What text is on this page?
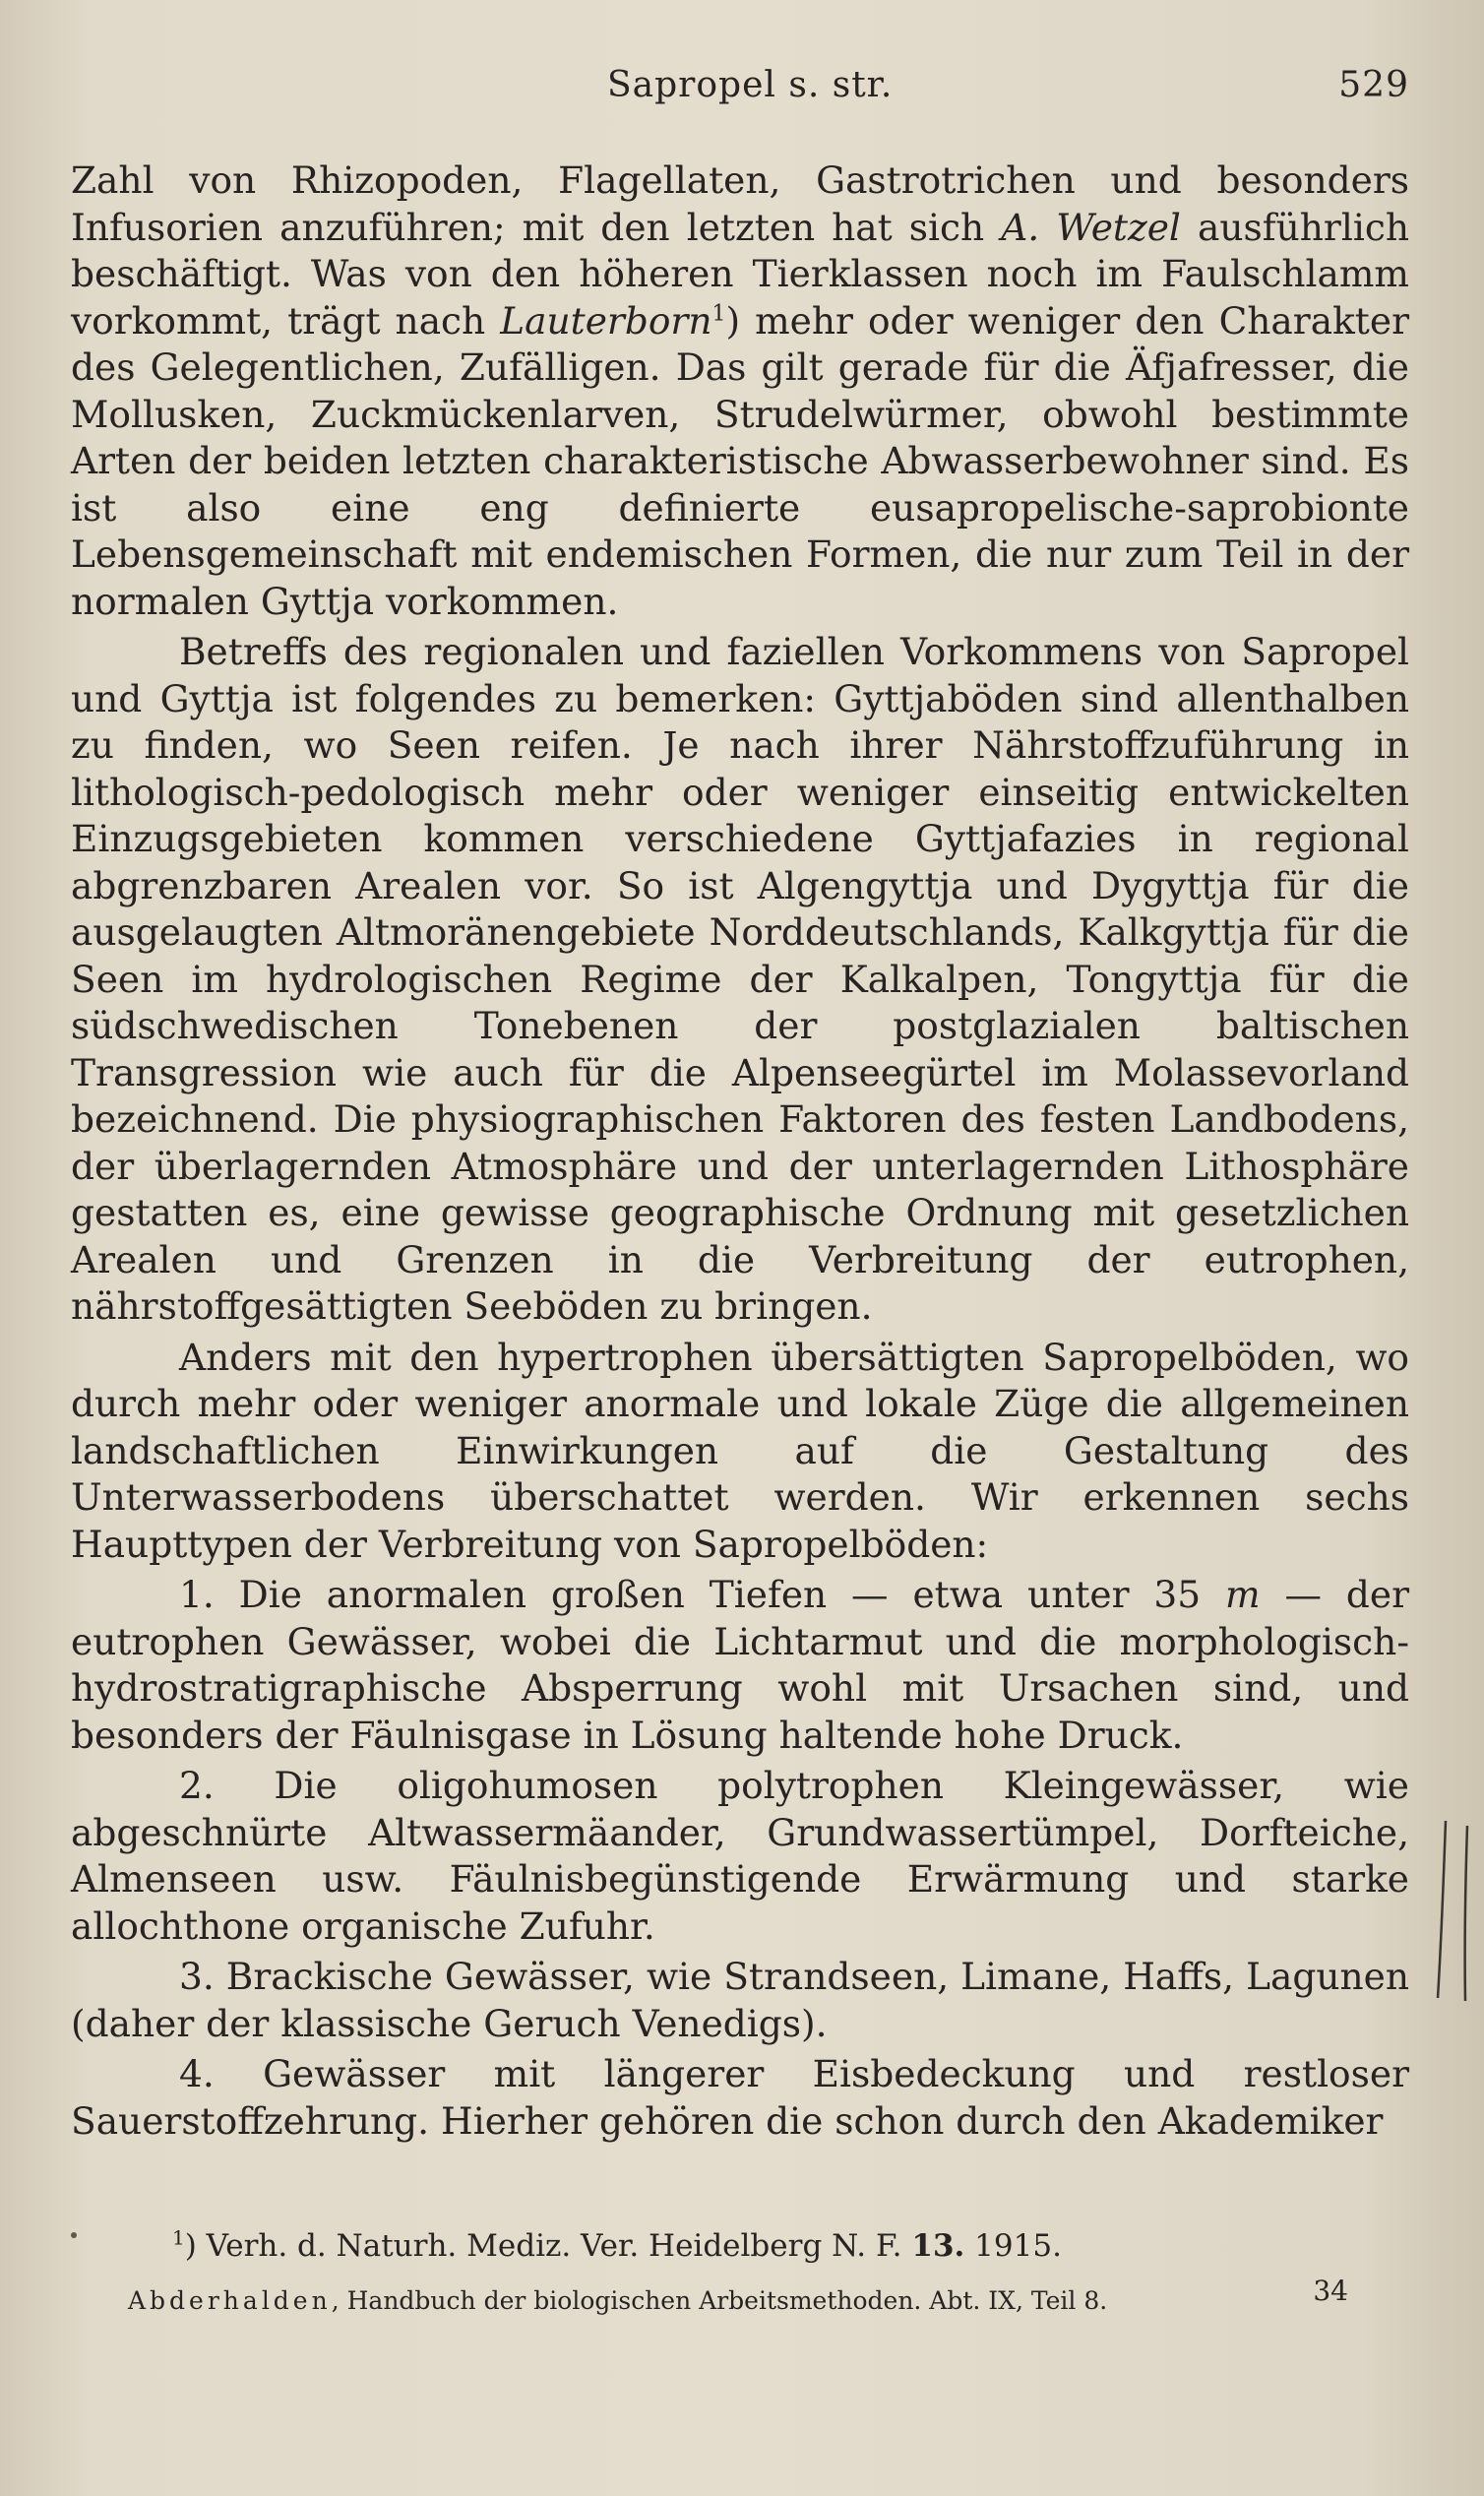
Sapropel s. str.	529

Zahl von Rhizopoden, Flagellaten, Gastrotrichen und besonders Infusorien anzuführen; mit den letzten hat sich A. Wetzel ausführlich beschäftigt. Was von den höheren Tierklassen noch im Faulschlamm vorkommt, trägt nach Lauterborn$^1$) mehr oder weniger den Charakter des Gelegentlichen, Zufälligen. Das gilt gerade für die Äfjafresser, die Mollusken, Zuckmückenlarven, Strudelwürmer, obwohl bestimmte Arten der beiden letzten charakteristische Abwasserbewohner sind. Es ist also eine eng definierte eusapropelische-saprobionte Lebensgemeinschaft mit endemischen Formen, die nur zum Teil in der normalen Gyttja vorkommen.

Betreffs des regionalen und faziellen Vorkommens von Sapropel und Gyttja ist folgendes zu bemerken: Gyttjaböden sind allenthalben zu finden, wo Seen reifen. Je nach ihrer Nährstoffzuführung in lithologisch-pedologisch mehr oder weniger einseitig entwickelten Einzugsgebieten kommen verschiedene Gyttjafazies in regional abgrenzbaren Arealen vor. So ist Algengyttja und Dygyttja für die ausgelaugten Altmoränengebiete Norddeutschlands, Kalkgyttja für die Seen im hydrologischen Regime der Kalkalpen, Tongyttja für die südschwedischen Tonebenen der postglazialen baltischen Transgression wie auch für die Alpenseegürtel im Molassevorland bezeichnend. Die physiographischen Faktoren des festen Landbodens, der überlagernden Atmosphäre und der unterlagernden Lithosphäre gestatten es, eine gewisse geographische Ordnung mit gesetzlichen Arealen und Grenzen in die Verbreitung der eutrophen, nährstoffgesättigten Seeböden zu bringen.

Anders mit den hypertrophen übersättigten Sapropelböden, wo durch mehr oder weniger anormale und lokale Züge die allgemeinen landschaftlichen Einwirkungen auf die Gestaltung des Unterwasserbodens überschattet werden. Wir erkennen sechs Haupttypen der Verbreitung von Sapropelböden:

1. Die anormalen großen Tiefen — etwa unter 35 m — der eutrophen Gewässer, wobei die Lichtarmut und die morphologisch-hydrostratigraphische Absperrung wohl mit Ursachen sind, und besonders der Fäulnisgase in Lösung haltende hohe Druck.

2. Die oligohumosen polytrophen Kleingewässer, wie abgeschnürte Altwassermäander, Grundwassertümpel, Dorfteiche, Almenseen usw. Fäulnisbegünstigende Erwärmung und starke allochthone organische Zufuhr.

3. Brackische Gewässer, wie Strandseen, Limane, Haffs, Lagunen (daher der klassische Geruch Venedigs).

4. Gewässer mit längerer Eisbedeckung und restloser Sauerstoffzehrung. Hierher gehören die schon durch den Akademiker

$^1$) Verh. d. Naturh. Mediz. Ver. Heidelberg N. F. 13. 1915.
Abderhalden, Handbuch der biologischen Arbeitsmethoden. Abt. IX, Teil 8.	34
